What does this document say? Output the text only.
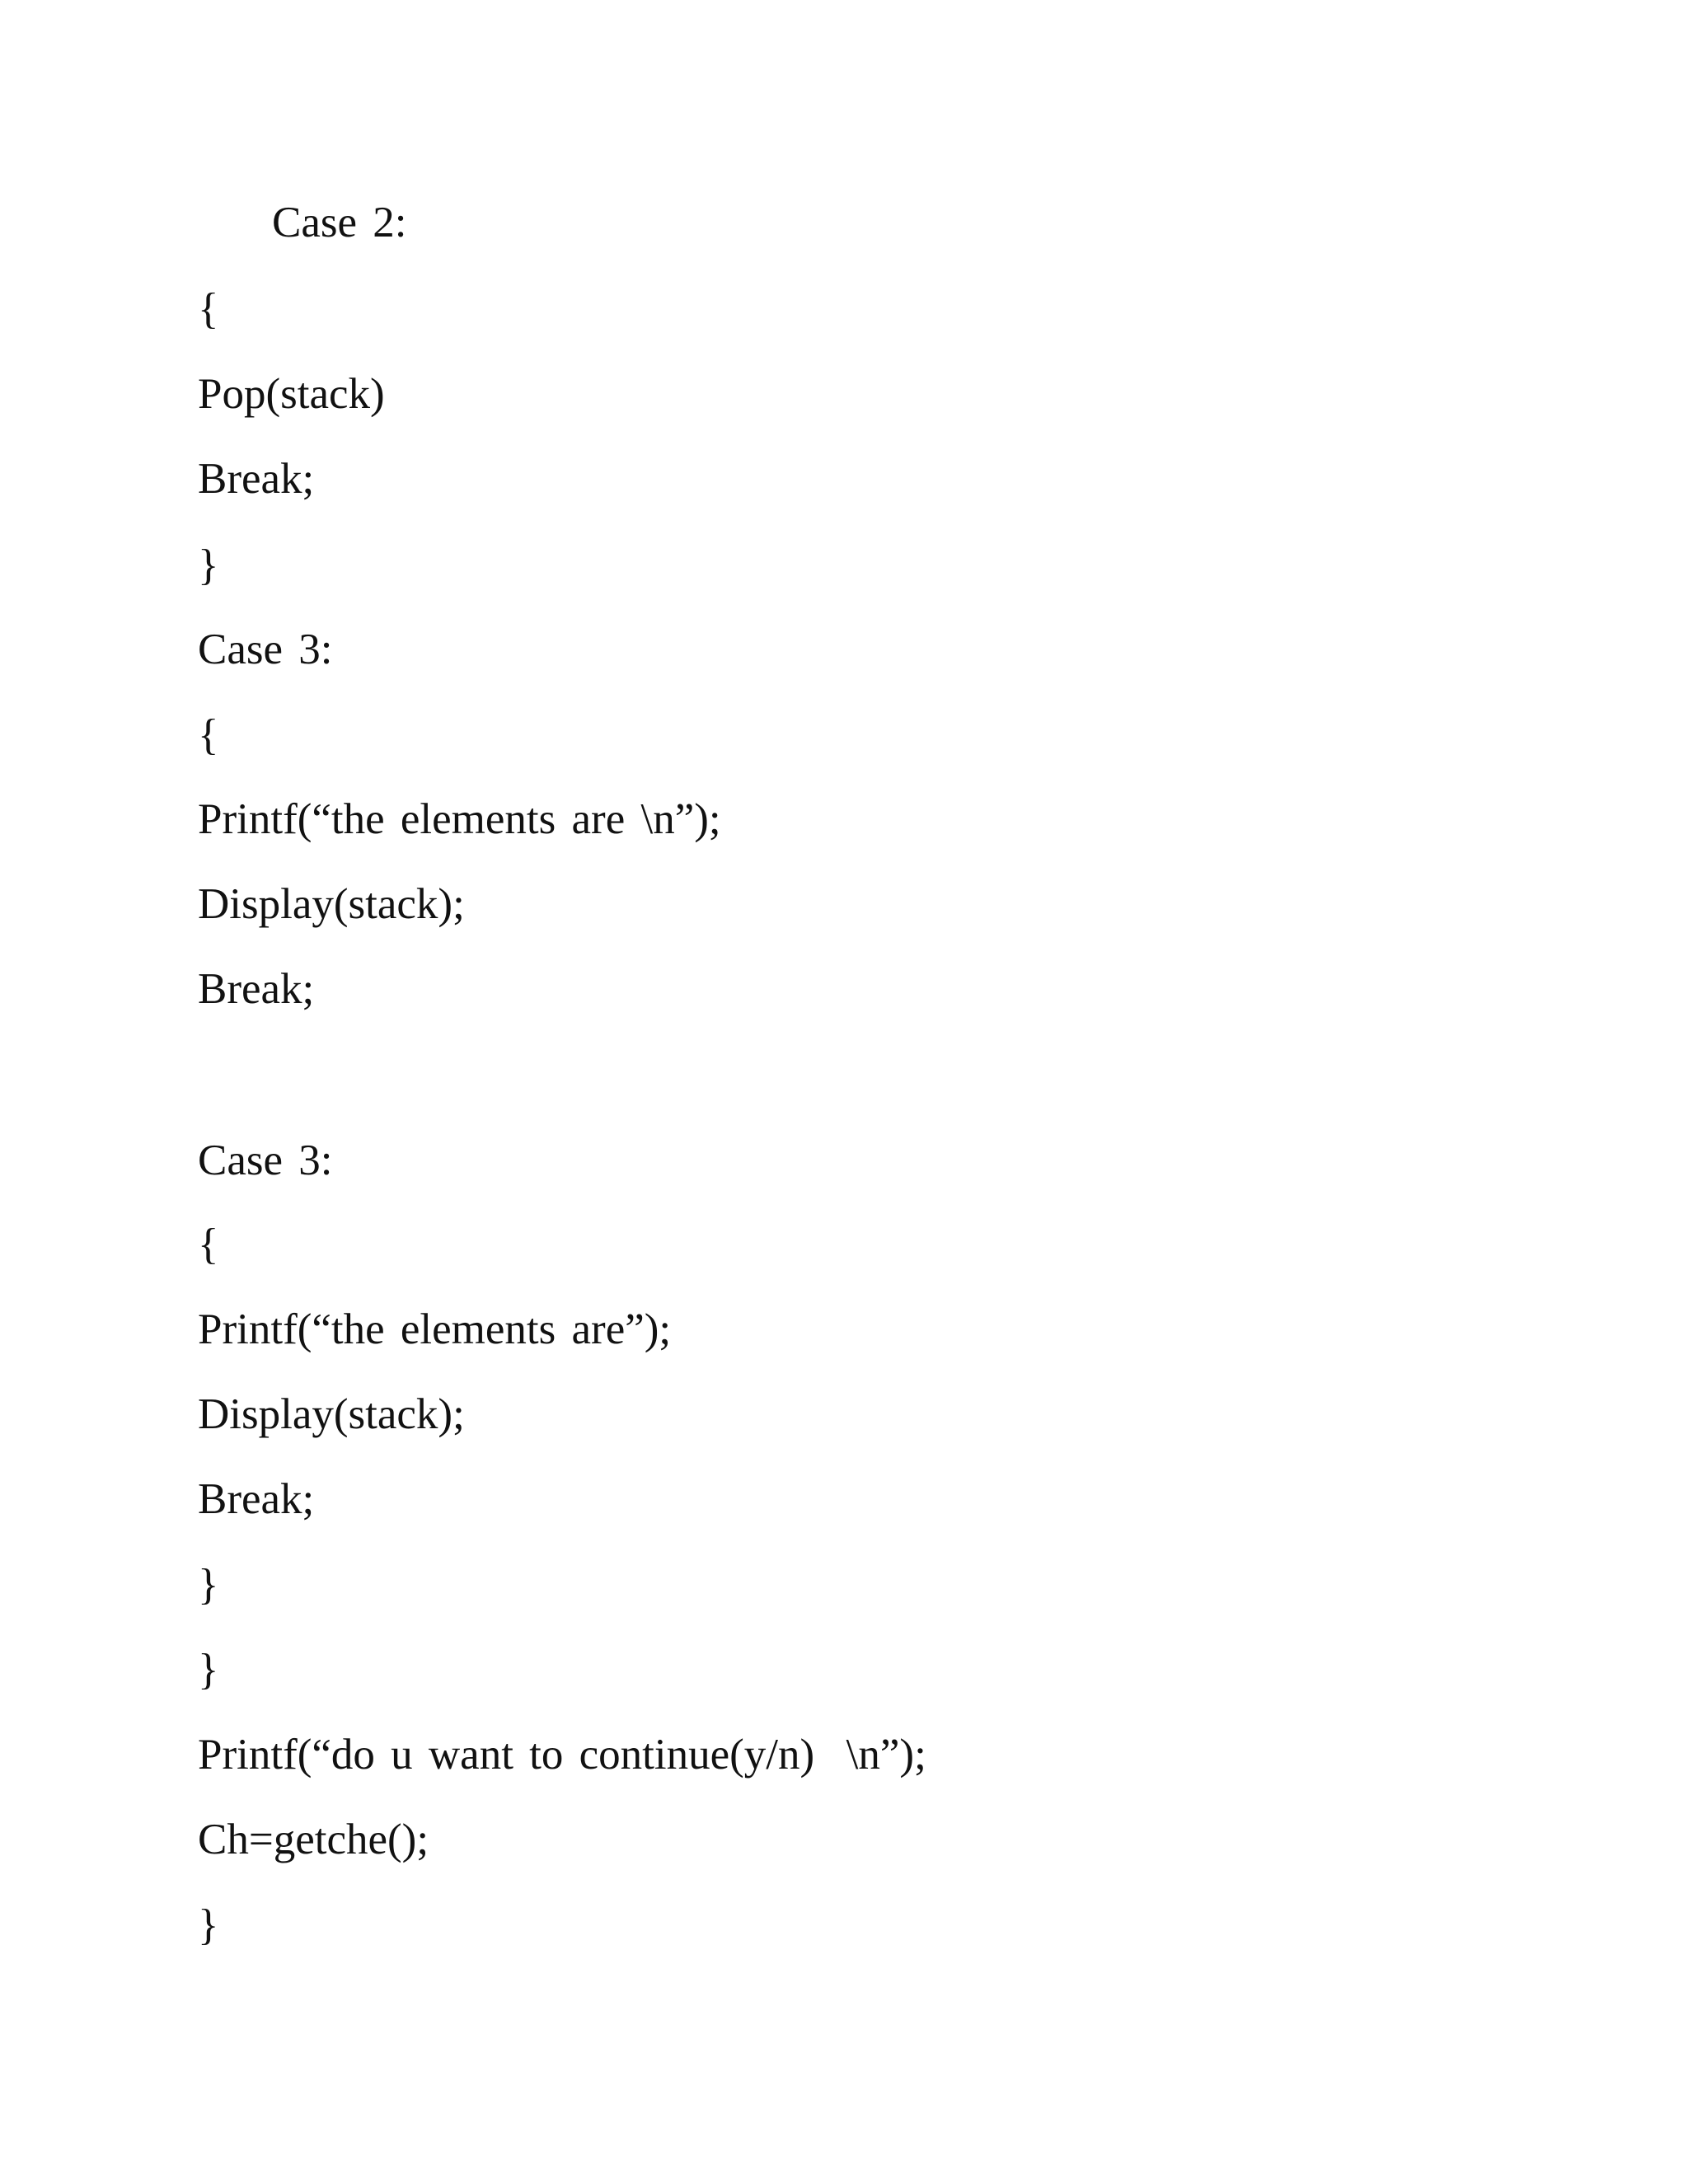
Case 2:
{
Pop(stack)
Break;
}
Case 3:
{
Printf(“the elements are \n”);
Display(stack);
Break;
Case 3:
{
Printf(“the elements are”);
Display(stack);
Break;
}
}
Printf(“do u want to continue(y/n)  \n”);
Ch=getche();
}
